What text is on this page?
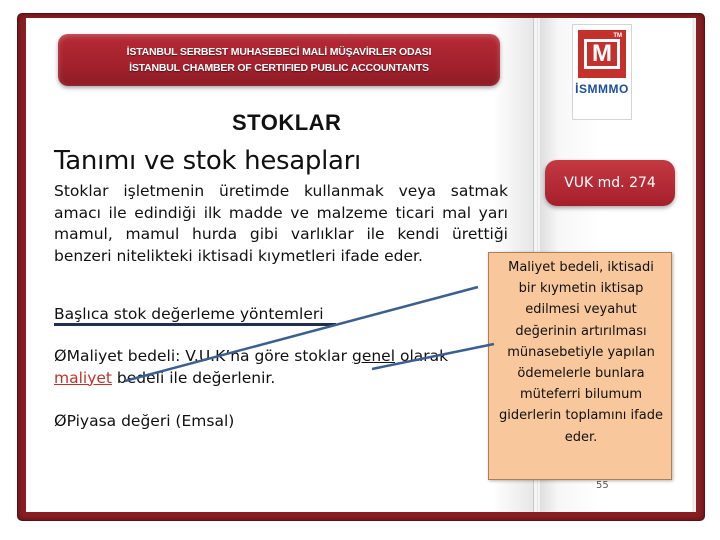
İSTANBUL SERBEST MUHASEBECİ MALİ MÜŞAVİRLER ODASI
İSTANBUL CHAMBER OF CERTIFIED PUBLIC ACCOUNTANTS
M
TM
İSMMMO
STOKLAR
Tanımı ve stok hesapları
Stoklar işletmenin üretimde kullanmak veya satmak amacı ile edindiği ilk madde ve malzeme ticari mal yarı mamul, mamul hurda gibi varlıklar ile kendi ürettiği benzeri nitelikteki iktisadi kıymetleri ifade eder.
Başlıca stok değerleme yöntemleri
ØMaliyet bedeli: V.U.K’na göre stoklar genel olarak maliyet bedeli ile değerlenir.
ØPiyasa değeri (Emsal)
VUK md. 274
Maliyet bedeli, iktisadi bir kıymetin iktisap edilmesi veyahut değerinin artırılması münasebetiyle yapılan ödemelerle bunlara müteferri bilumum giderlerin toplamını ifade eder.
55
